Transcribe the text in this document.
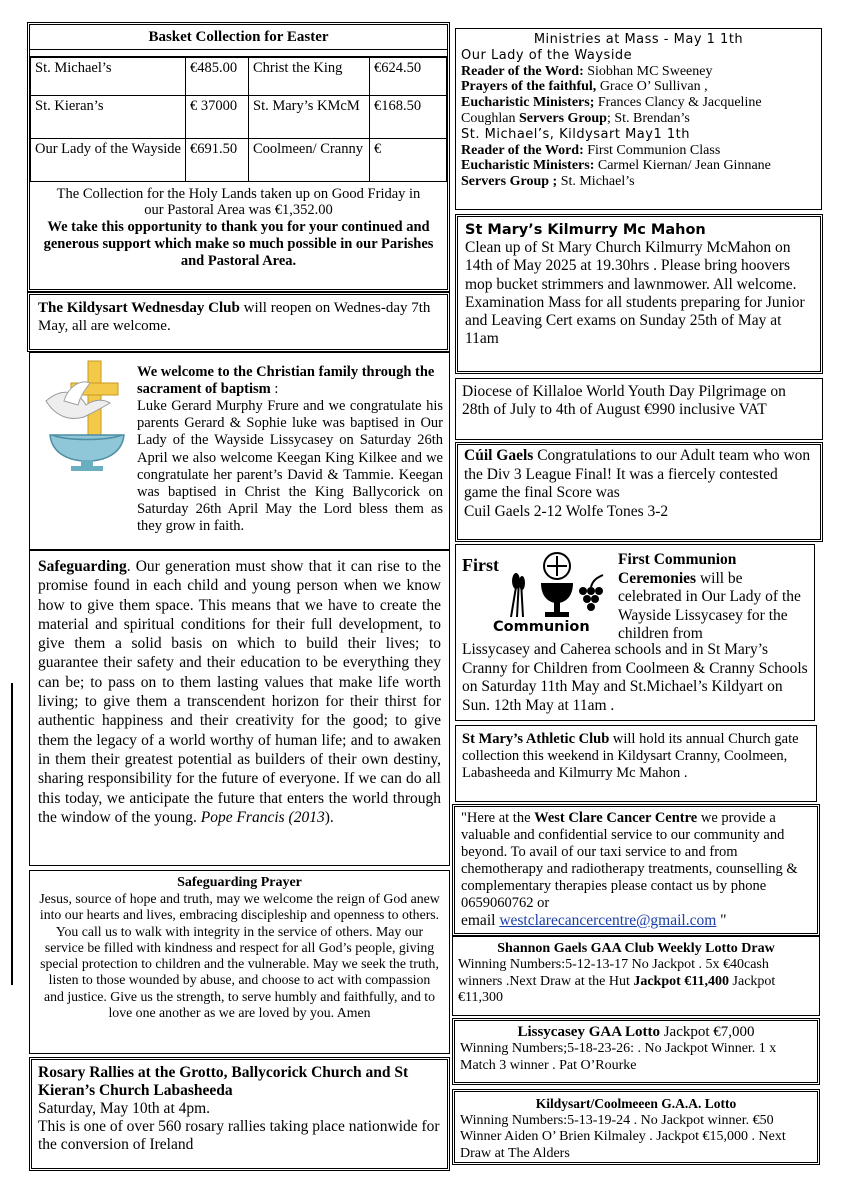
Basket Collection for Easter
St. Michael’s	€485.00	Christ the King	€624.50
St. Kieran’s	€ 37000	St. Mary’s KMcM	€168.50
Our Lady of the Wayside	€691.50	Coolmeen/ Cranny	€

The Collection for the Holy Lands taken up on Good Friday in our Pastoral Area was €1,352.00

We take this opportunity to thank you for your continued and generous support which make so much possible in our Parishes and Pastoral Area.

The Kildysart Wednesday Club will reopen on Wednes-day 7th May, all are welcome.

We welcome to the Christian family through the sacrament of baptism :

Luke Gerard Murphy Frure and we congratulate his parents Gerard & Sophie luke was baptised in Our Lady of the Wayside Lissycasey on Saturday 26th April we also welcome Keegan King Kilkee and we congratulate her parent’s David & Tammie. Keegan was baptised in Christ the King Ballycorick on Saturday 26th April May the Lord bless them as they grow in faith.

Safeguarding. Our generation must show that it can rise to the promise found in each child and young person when we know how to give them space. This means that we have to create the material and spiritual conditions for their full development, to give them a solid basis on which to build their lives; to guarantee their safety and their education to be everything they can be; to pass on to them lasting values that make life worth living; to give them a transcendent horizon for their thirst for authentic happiness and their creativity for the good; to give them the legacy of a world worthy of human life; and to awaken in them their greatest potential as builders of their own destiny, sharing responsibility for the future of everyone. If we can do all this today, we anticipate the future that enters the world through the window of the young. Pope Francis (2013).

Safeguarding Prayer

Jesus, source of hope and truth, may we welcome the reign of God anew into our hearts and lives, embracing discipleship and openness to others. You call us to walk with integrity in the service of others. May our service be filled with kindness and respect for all God’s people, giving special protection to children and the vulnerable. May we seek the truth, listen to those wounded by abuse, and choose to act with compassion and justice. Give us the strength, to serve humbly and faithfully, and to love one another as we are loved by you. Amen

Rosary Rallies at the Grotto, Ballycorick Church and St Kieran’s Church Labasheeda

Saturday, May 10th at 4pm.

This is one of over 560 rosary rallies taking place nationwide for the conversion of Ireland

Ministries at Mass - May 1 1th

Our Lady of the Wayside

Reader of the Word: Siobhan MC Sweeney

Prayers of the faithful, Grace O’ Sullivan ,

Eucharistic Ministers; Frances Clancy & Jacqueline Coughlan Servers Group; St. Brendan’s

St. Michael’s, Kildysart May1 1th

Reader of the Word: First Communion Class

Eucharistic Ministers: Carmel Kiernan/ Jean Ginnane

Servers Group ; St. Michael’s

St Mary’s Kilmurry Mc Mahon

Clean up of St Mary Church Kilmurry McMahon on 14th of May 2025 at 19.30hrs . Please bring hoovers mop bucket strimmers and lawnmower. All welcome.

Examination Mass for all students preparing for Junior and Leaving Cert exams on Sunday 25th of May at 11am

Diocese of Killaloe World Youth Day Pilgrimage on 28th of July to 4th of August €990 inclusive VAT

Cúil Gaels Congratulations to our Adult team who won the Div 3 League Final! It was a fiercely contested game the final Score was

Cuil Gaels 2-12 Wolfe Tones 3-2

First
Communion

First Communion Ceremonies will be celebrated in Our Lady of the Wayside Lissycasey for the children from

Lissycasey and Caherea schools and in St Mary’s Cranny for Children from Coolmeen & Cranny Schools on Saturday 11th May and St.Michael’s Kildyart on Sun. 12th May at 11am .

St Mary’s Athletic Club will hold its annual Church gate collection this weekend in Kildysart Cranny, Coolmeen, Labasheeda and Kilmurry Mc Mahon .

"Here at the West Clare Cancer Centre we provide a valuable and confidential service to our community and beyond. To avail of our taxi service to and from chemotherapy and radiotherapy treatments, counselling & complementary therapies please contact us by phone 0659060762 or

email westclarecancercentre@gmail.com "

Shannon Gaels GAA Club Weekly Lotto Draw

Winning Numbers:5-12-13-17 No Jackpot . 5x €40cash winners .Next Draw at the Hut Jackpot €11,400 Jackpot €11,300

Lissycasey GAA Lotto Jackpot €7,000

Winning Numbers;5-18-23-26: . No Jackpot Winner. 1 x Match 3 winner . Pat O’Rourke

Kildysart/Coolmeeen G.A.A. Lotto

Winning Numbers:5-13-19-24 . No Jackpot winner. €50 Winner Aiden O’ Brien Kilmaley . Jackpot €15,000 . Next Draw at The Alders
